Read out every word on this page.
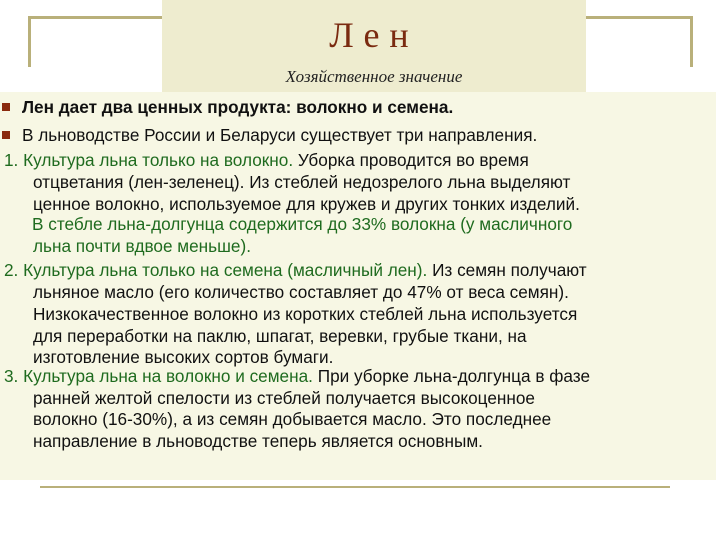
Лен
Хозяйственное значение
Лен дает два ценных продукта: волокно и семена.
В льноводстве России и Беларуси существует три направления.
1. Культура льна только на волокно. Уборка проводится во время
отцветания (лен-зеленец). Из стеблей недозрелого льна выделяют
ценное волокно, используемое для кружев и других тонких изделий.
В стебле льна-долгунца содержится до 33% волокна (у масличного
льна почти вдвое меньше).
2. Культура льна только на семена (масличный лен). Из семян получают
льняное масло (его количество составляет до 47% от веса семян).
Низкокачественное волокно из коротких стеблей льна используется
для переработки на паклю, шпагат, веревки, грубые ткани, на
изготовление высоких сортов бумаги.
3. Культура льна на волокно и семена. При уборке льна-долгунца в фазе
ранней желтой спелости из стеблей получается высокоценное
волокно (16-30%), а из семян добывается масло. Это последнее
направление в льноводстве теперь является основным.
